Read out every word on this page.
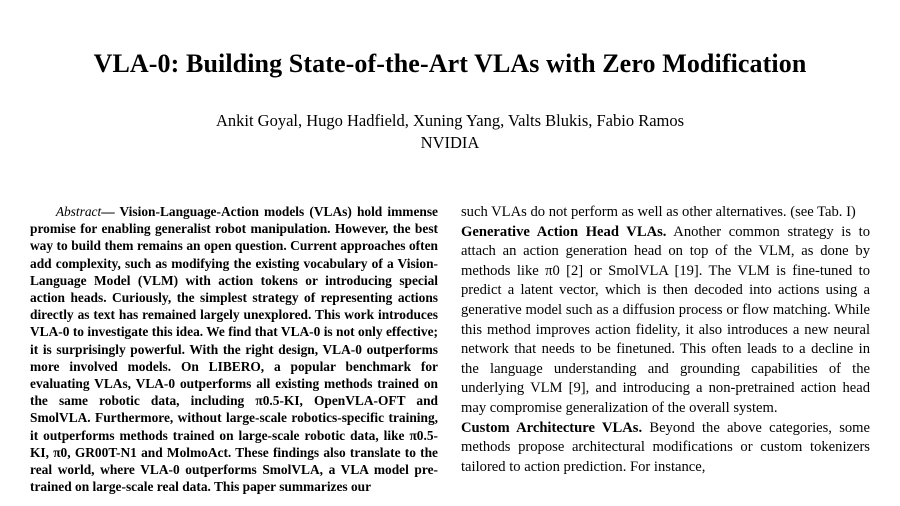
VLA-0: Building State-of-the-Art VLAs with Zero Modification
Ankit Goyal, Hugo Hadfield, Xuning Yang, Valts Blukis, Fabio Ramos
NVIDIA

Abstract— Vision-Language-Action models (VLAs) hold immense promise for enabling generalist robot manipulation. However, the best way to build them remains an open question. Current approaches often add complexity, such as modifying the existing vocabulary of a Vision-Language Model (VLM) with action tokens or introducing special action heads. Curiously, the simplest strategy of representing actions directly as text has remained largely unexplored. This work introduces VLA-0 to investigate this idea. We find that VLA-0 is not only effective; it is surprisingly powerful. With the right design, VLA-0 outperforms more involved models. On LIBERO, a popular benchmark for evaluating VLAs, VLA-0 outperforms all existing methods trained on the same robotic data, including π0.5-KI, OpenVLA-OFT and SmolVLA. Furthermore, without large-scale robotics-specific training, it outperforms methods trained on large-scale robotic data, like π0.5-KI, π0, GR00T-N1 and MolmoAct. These findings also translate to the real world, where VLA-0 outperforms SmolVLA, a VLA model pre-trained on large-scale real data. This paper summarizes our

such VLAs do not perform as well as other alternatives. (see Tab. I)

Generative Action Head VLAs. Another common strategy is to attach an action generation head on top of the VLM, as done by methods like π0 [2] or SmolVLA [19]. The VLM is fine-tuned to predict a latent vector, which is then decoded into actions using a generative model such as a diffusion process or flow matching. While this method improves action fidelity, it also introduces a new neural network that needs to be finetuned. This often leads to a decline in the language understanding and grounding capabilities of the underlying VLM [9], and introducing a non-pretrained action head may compromise generalization of the overall system.

Custom Architecture VLAs. Beyond the above categories, some methods propose architectural modifications or custom tokenizers tailored to action prediction. For instance,
